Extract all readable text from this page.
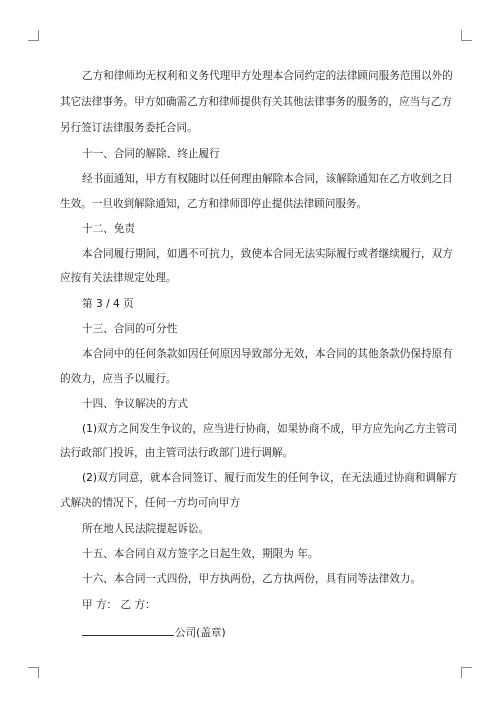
乙方和律师均无权利和义务代理甲方处理本合同约定的法律顾问服务范围以外的
其它法律事务。甲方如确需乙方和律师提供有关其他法律事务的服务的，应当与乙方
另行签订法律服务委托合同。
十一、合同的解除、终止履行
经书面通知，甲方有权随时以任何理由解除本合同，该解除通知在乙方收到之日
生效。一旦收到解除通知，乙方和律师即停止提供法律顾问服务。
十二、免责
本合同履行期间，如遇不可抗力，致使本合同无法实际履行或者继续履行，双方
应按有关法律规定处理。
第 3 / 4 页
十三、合同的可分性
本合同中的任何条款如因任何原因导致部分无效，本合同的其他条款仍保持原有
的效力，应当予以履行。
十四、争议解决的方式
(1)双方之间发生争议的，应当进行协商，如果协商不成，甲方应先向乙方主管司
法行政部门投诉，由主管司法行政部门进行调解。
(2)双方同意，就本合同签订、履行而发生的任何争议，在无法通过协商和调解方
式解决的情况下，任何一方均可向甲方
所在地人民法院提起诉讼。
十五、本合同自双方签字之日起生效，期限为 年。
十六、本合同一式四份，甲方执两份，乙方执两份，具有同等法律效力。
甲 方： 乙 方：
公司(盖章)
